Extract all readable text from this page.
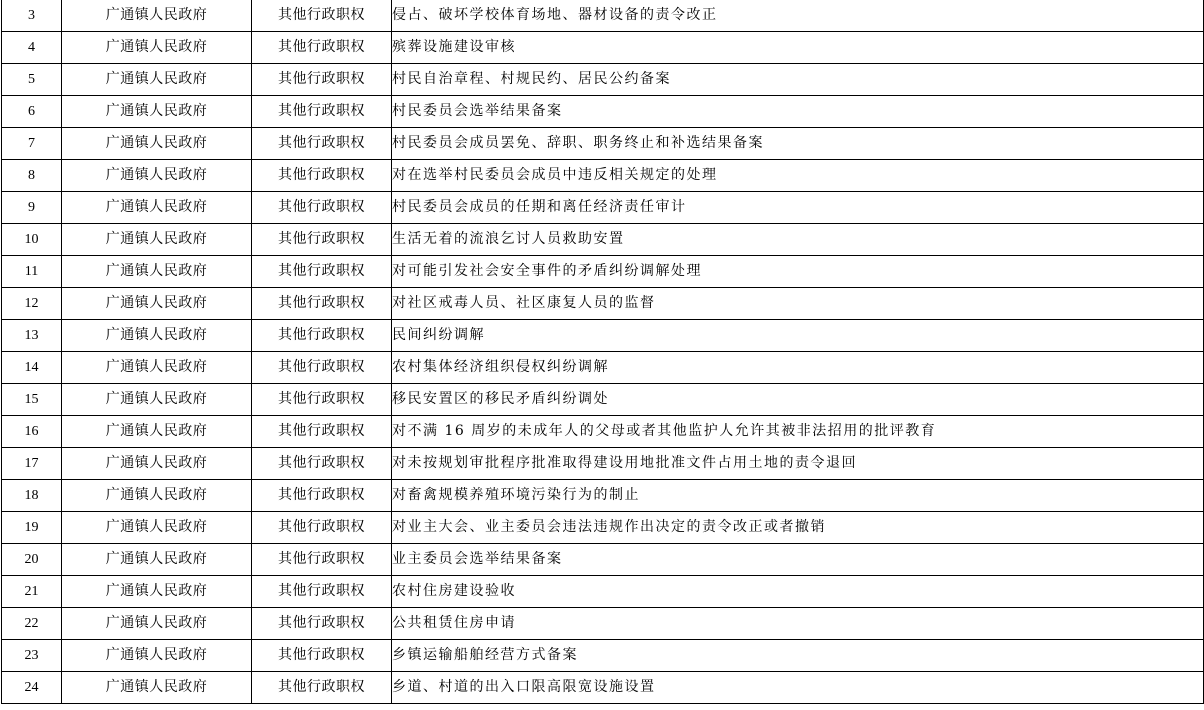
3	广通镇人民政府	其他行政职权	侵占、破坏学校体育场地、器材设备的责令改正
4	广通镇人民政府	其他行政职权	殡葬设施建设审核
5	广通镇人民政府	其他行政职权	村民自治章程、村规民约、居民公约备案
6	广通镇人民政府	其他行政职权	村民委员会选举结果备案
7	广通镇人民政府	其他行政职权	村民委员会成员罢免、辞职、职务终止和补选结果备案
8	广通镇人民政府	其他行政职权	对在选举村民委员会成员中违反相关规定的处理
9	广通镇人民政府	其他行政职权	村民委员会成员的任期和离任经济责任审计
10	广通镇人民政府	其他行政职权	生活无着的流浪乞讨人员救助安置
11	广通镇人民政府	其他行政职权	对可能引发社会安全事件的矛盾纠纷调解处理
12	广通镇人民政府	其他行政职权	对社区戒毒人员、社区康复人员的监督
13	广通镇人民政府	其他行政职权	民间纠纷调解
14	广通镇人民政府	其他行政职权	农村集体经济组织侵权纠纷调解
15	广通镇人民政府	其他行政职权	移民安置区的移民矛盾纠纷调处
16	广通镇人民政府	其他行政职权	对不满 16 周岁的未成年人的父母或者其他监护人允许其被非法招用的批评教育
17	广通镇人民政府	其他行政职权	对未按规划审批程序批准取得建设用地批准文件占用土地的责令退回
18	广通镇人民政府	其他行政职权	对畜禽规模养殖环境污染行为的制止
19	广通镇人民政府	其他行政职权	对业主大会、业主委员会违法违规作出决定的责令改正或者撤销
20	广通镇人民政府	其他行政职权	业主委员会选举结果备案
21	广通镇人民政府	其他行政职权	农村住房建设验收
22	广通镇人民政府	其他行政职权	公共租赁住房申请
23	广通镇人民政府	其他行政职权	乡镇运输船舶经营方式备案
24	广通镇人民政府	其他行政职权	乡道、村道的出入口限高限宽设施设置
